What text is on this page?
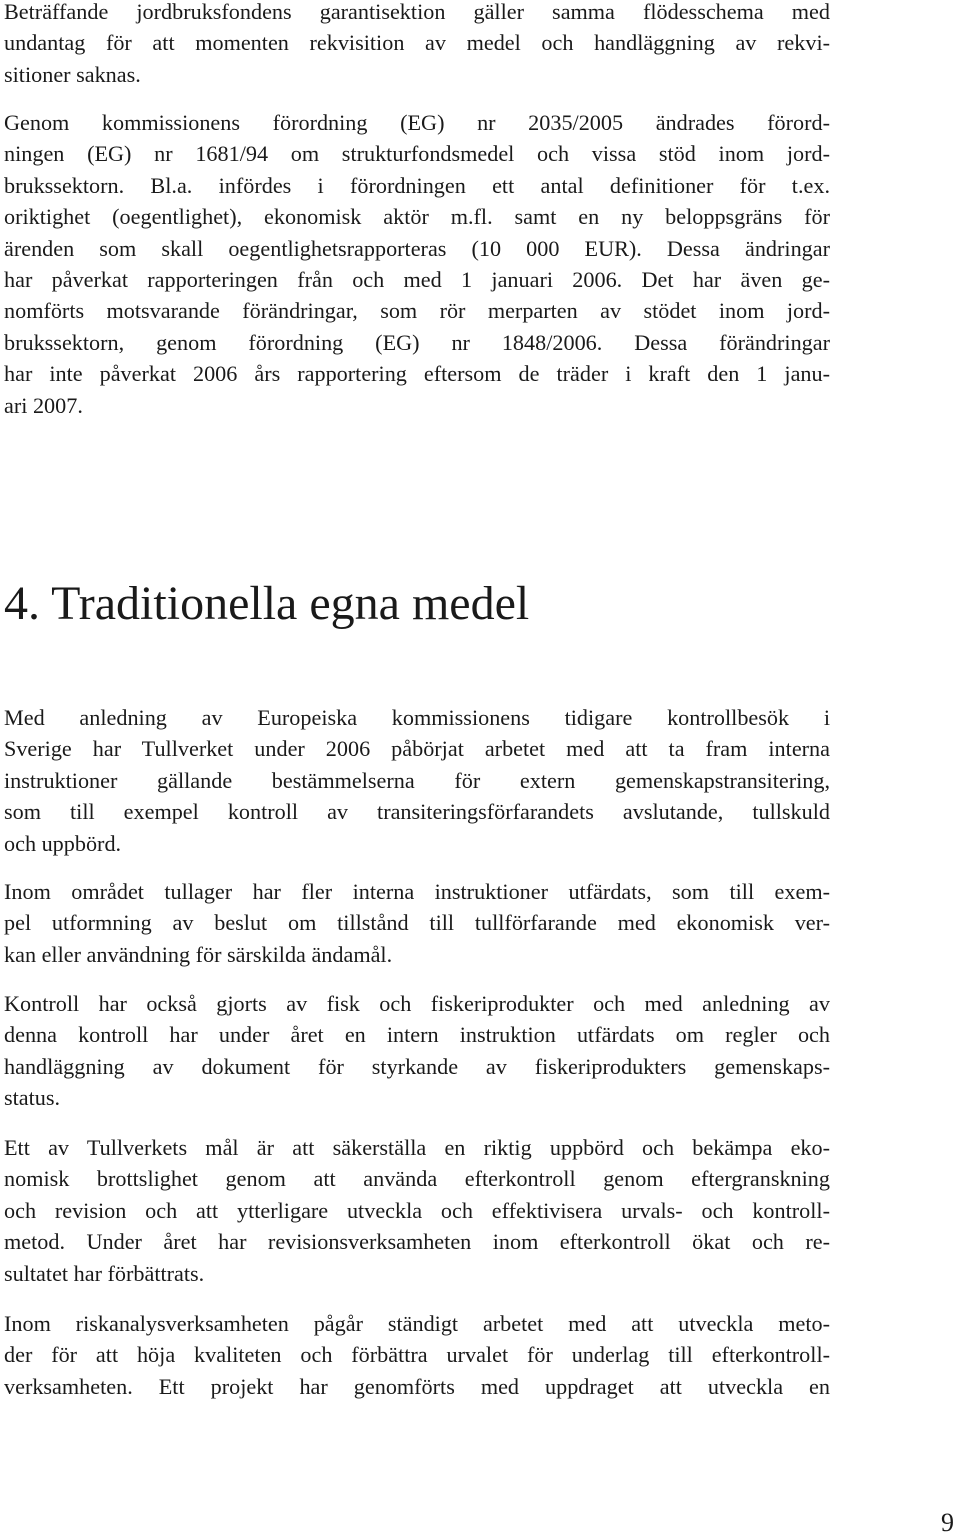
Beträffande jordbruksfondens garantisektion gäller samma flödesschema med
undantag för att momenten rekvisition av medel och handläggning av rekvi-
sitioner saknas.

Genom kommissionens förordning (EG) nr 2035/2005 ändrades förord-
ningen (EG) nr 1681/94 om strukturfondsmedel och vissa stöd inom jord-
brukssektorn. Bl.a. infördes i förordningen ett antal definitioner för t.ex.
oriktighet (oegentlighet), ekonomisk aktör m.fl. samt en ny beloppsgräns för
ärenden som skall oegentlighetsrapporteras (10 000 EUR). Dessa ändringar
har påverkat rapporteringen från och med 1 januari 2006. Det har även ge-
nomförts motsvarande förändringar, som rör merparten av stödet inom jord-
brukssektorn, genom förordning (EG) nr 1848/2006. Dessa förändringar
har inte påverkat 2006 års rapportering eftersom de träder i kraft den 1 janu-
ari 2007.

4. Traditionella egna medel

Med anledning av Europeiska kommissionens tidigare kontrollbesök i
Sverige har Tullverket under 2006 påbörjat arbetet med att ta fram interna
instruktioner gällande bestämmelserna för extern gemenskapstransitering,
som till exempel kontroll av transiteringsförfarandets avslutande, tullskuld
och uppbörd.

Inom området tullager har fler interna instruktioner utfärdats, som till exem-
pel utformning av beslut om tillstånd till tullförfarande med ekonomisk ver-
kan eller användning för särskilda ändamål.

Kontroll har också gjorts av fisk och fiskeriprodukter och med anledning av
denna kontroll har under året en intern instruktion utfärdats om regler och
handläggning av dokument för styrkande av fiskeriprodukters gemenskaps-
status.

Ett av Tullverkets mål är att säkerställa en riktig uppbörd och bekämpa eko-
nomisk brottslighet genom att använda efterkontroll genom eftergranskning
och revision och att ytterligare utveckla och effektivisera urvals- och kontroll-
metod. Under året har revisionsverksamheten inom efterkontroll ökat och re-
sultatet har förbättrats.

Inom riskanalysverksamheten pågår ständigt arbetet med att utveckla meto-
der för att höja kvaliteten och förbättra urvalet för underlag till efterkontroll-
verksamheten. Ett projekt har genomförts med uppdraget att utveckla en

9
